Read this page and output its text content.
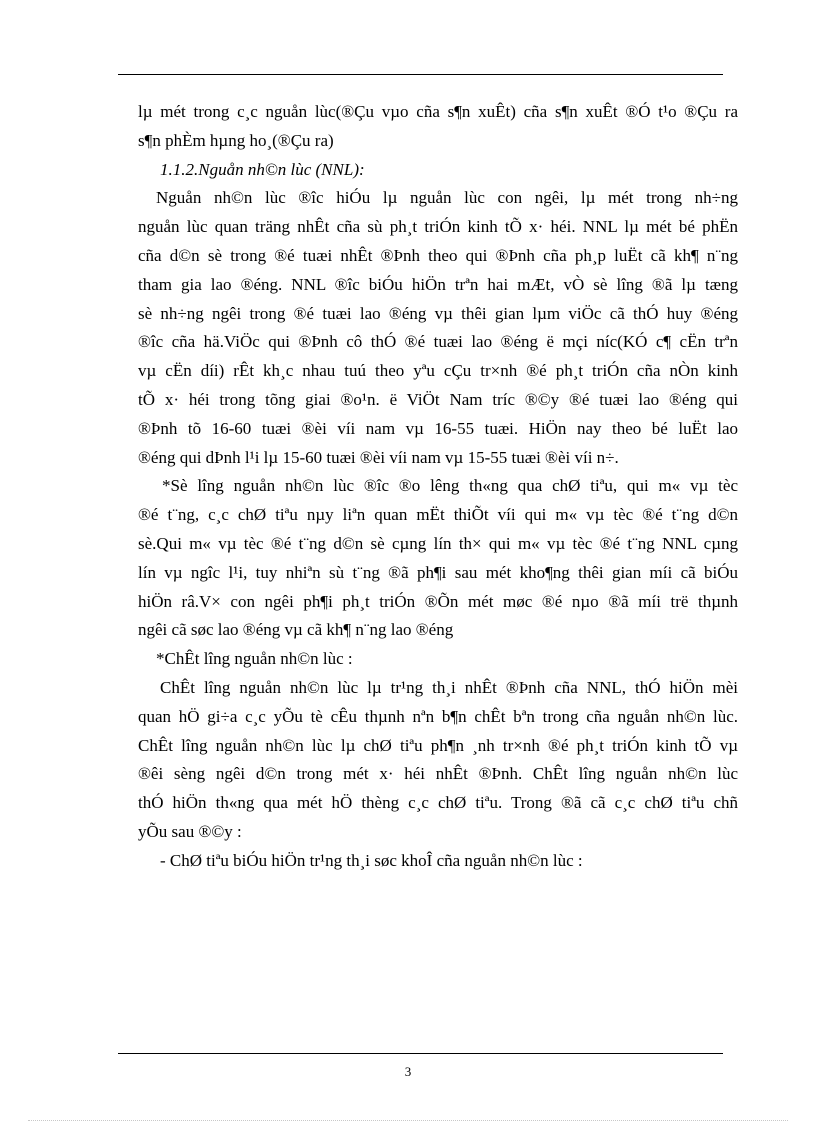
lµ mét trong c¸c nguån lùc(®Çu vµo cña s¶n xuÊt) cña s¶n xuÊt ®Ó t¹o ®Çu ra
s¶n phÈm hµng ho¸(®Çu ra)
1.1.2.Nguån nh©n lùc (NNL):
Nguån nh©n lùc ®îc hiÓu lµ nguån lùc con ngêi, lµ mét trong nh÷ng
nguån lùc quan träng nhÊt cña sù ph¸t triÓn kinh tÕ x· héi. NNL lµ mét bé phËn
cña d©n sè trong ®é tuæi nhÊt ®Þnh theo qui ®Þnh cña ph¸p luËt cã kh¶ n¨ng
tham gia lao ®éng. NNL ®îc biÓu hiÖn trªn hai mÆt, vÒ sè lîng ®ã lµ tæng
sè nh÷ng ngêi trong ®é tuæi lao ®éng vµ thêi gian lµm viÖc cã thÓ huy ®éng
®îc cña hä.ViÖc qui ®Þnh cô thÓ ®é tuæi lao ®éng ë mçi níc(KÓ c¶ cËn trªn
vµ cËn díi) rÊt kh¸c nhau tuú theo yªu cÇu tr×nh ®é ph¸t triÓn cña nÒn kinh
tÕ x· héi trong tõng giai ®o¹n. ë ViÖt Nam tríc ®©y ®é tuæi lao ®éng qui
®Þnh tõ 16-60 tuæi ®èi víi nam vµ 16-55 tuæi. HiÖn nay theo bé luËt lao
®éng qui dÞnh l¹i lµ 15-60 tuæi ®èi víi nam vµ 15-55 tuæi ®èi víi n÷.
*Sè lîng nguån nh©n lùc ®îc ®o lêng th«ng qua chØ tiªu, qui m« vµ tèc
®é t¨ng, c¸c chØ tiªu nµy liªn quan mËt thiÕt víi qui m« vµ tèc ®é t¨ng d©n
sè.Qui m« vµ tèc ®é t¨ng d©n sè cµng lín th× qui m« vµ tèc ®é t¨ng NNL cµng
lín vµ ngîc l¹i, tuy nhiªn sù t¨ng ®ã ph¶i sau mét kho¶ng thêi gian míi cã biÓu
hiÖn râ.V× con ngêi ph¶i ph¸t triÓn ®Õn mét møc ®é nµo ®ã míi trë thµnh
ngêi cã søc lao ®éng vµ cã kh¶ n¨ng lao ®éng
*ChÊt lîng nguån nh©n lùc :
ChÊt lîng nguån nh©n lùc lµ tr¹ng th¸i nhÊt ®Þnh cña NNL, thÓ hiÖn mèi
quan hÖ gi÷a c¸c yÕu tè cÊu thµnh nªn b¶n chÊt bªn trong cña nguån nh©n lùc.
ChÊt lîng nguån nh©n lùc lµ chØ tiªu ph¶n ¸nh tr×nh ®é ph¸t triÓn kinh tÕ vµ
®êi sèng ngêi d©n trong mét x· héi nhÊt ®Þnh. ChÊt lîng nguån nh©n lùc
thÓ hiÖn th«ng qua mét hÖ thèng c¸c chØ tiªu. Trong ®ã cã c¸c chØ tiªu chñ
yÕu sau ®©y :
- ChØ tiªu biÓu hiÖn tr¹ng th¸i søc khoÎ cña nguån nh©n lùc :
3
